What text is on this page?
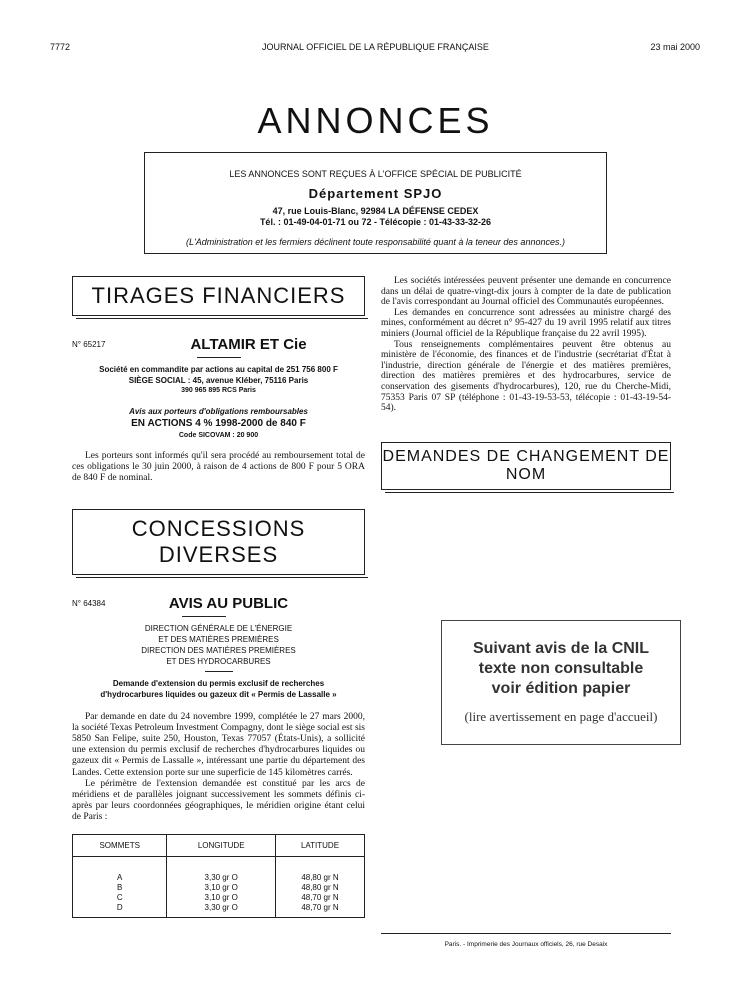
7772	JOURNAL OFFICIEL DE LA RÉPUBLIQUE FRANÇAISE	23 mai 2000
ANNONCES
LES ANNONCES SONT REÇUES À L'OFFICE SPÉCIAL DE PUBLICITÉ
Département SPJO
47, rue Louis-Blanc, 92984 LA DÉFENSE CEDEX
Tél. : 01-49-04-01-71 ou 72 - Télécopie : 01-43-33-32-26
(L'Administration et les fermiers déclinent toute responsabilité quant à la teneur des annonces.)
TIRAGES FINANCIERS
N° 65217	ALTAMIR ET Cie
Société en commandite par actions au capital de 251 756 800 F
SIÈGE SOCIAL : 45, avenue Kléber, 75116 Paris
390 965 895 RCS Paris
Avis aux porteurs d'obligations remboursables
EN ACTIONS 4 % 1998-2000 de 840 F
Code SICOVAM : 20 900

Les porteurs sont informés qu'il sera procédé au remboursement total de ces obligations le 30 juin 2000, à raison de 4 actions de 800 F pour 5 ORA de 840 F de nominal.

CONCESSIONS DIVERSES
N° 64384	AVIS AU PUBLIC
DIRECTION GÉNÉRALE DE L'ÉNERGIE
ET DES MATIÈRES PREMIÈRES
DIRECTION DES MATIÈRES PREMIÈRES
ET DES HYDROCARBURES
Demande d'extension du permis exclusif de recherches
d'hydrocarbures liquides ou gazeux dit « Permis de Lassalle »

Par demande en date du 24 novembre 1999, complétée le 27 mars 2000, la société Texas Petroleum Investment Compagny, dont le siège social est sis 5850 San Felipe, suite 250, Houston, Texas 77057 (États-Unis), a sollicité une extension du permis exclusif de recherches d'hydrocarbures liquides ou gazeux dit « Permis de Lassalle », intéressant une partie du département des Landes. Cette extension porte sur une superficie de 145 kilomètres carrés.

Le périmètre de l'extension demandée est constitué par les arcs de méridiens et de parallèles joignant successivement les sommets définis ci-après par leurs coordonnées géographiques, le méridien origine étant celui de Paris :

SOMMETS	LONGITUDE	LATITUDE
A	3,30 gr O	48,80 gr N
B	3,10 gr O	48,80 gr N
C	3,10 gr O	48,70 gr N
D	3,30 gr O	48,70 gr N

Les sociétés intéressées peuvent présenter une demande en concurrence dans un délai de quatre-vingt-dix jours à compter de la date de publication de l'avis correspondant au Journal officiel des Communautés européennes.

Les demandes en concurrence sont adressées au ministre chargé des mines, conformément au décret n° 95-427 du 19 avril 1995 relatif aux titres miniers (Journal officiel de la République française du 22 avril 1995).

Tous renseignements complémentaires peuvent être obtenus au ministère de l'économie, des finances et de l'industrie (secrétariat d'État à l'industrie, direction générale de l'énergie et des matières premières, direction des matières premières et des hydrocarbures, service de conservation des gisements d'hydrocarbures), 120, rue du Cherche-Midi, 75353 Paris 07 SP (téléphone : 01-43-19-53-53, télécopie : 01-43-19-54-54).

DEMANDES DE CHANGEMENT DE NOM
Suivant avis de la CNIL
texte non consultable
voir édition papier
(lire avertissement en page d'accueil)
Paris. - Imprimerie des Journaux officiels, 26, rue Desaix
